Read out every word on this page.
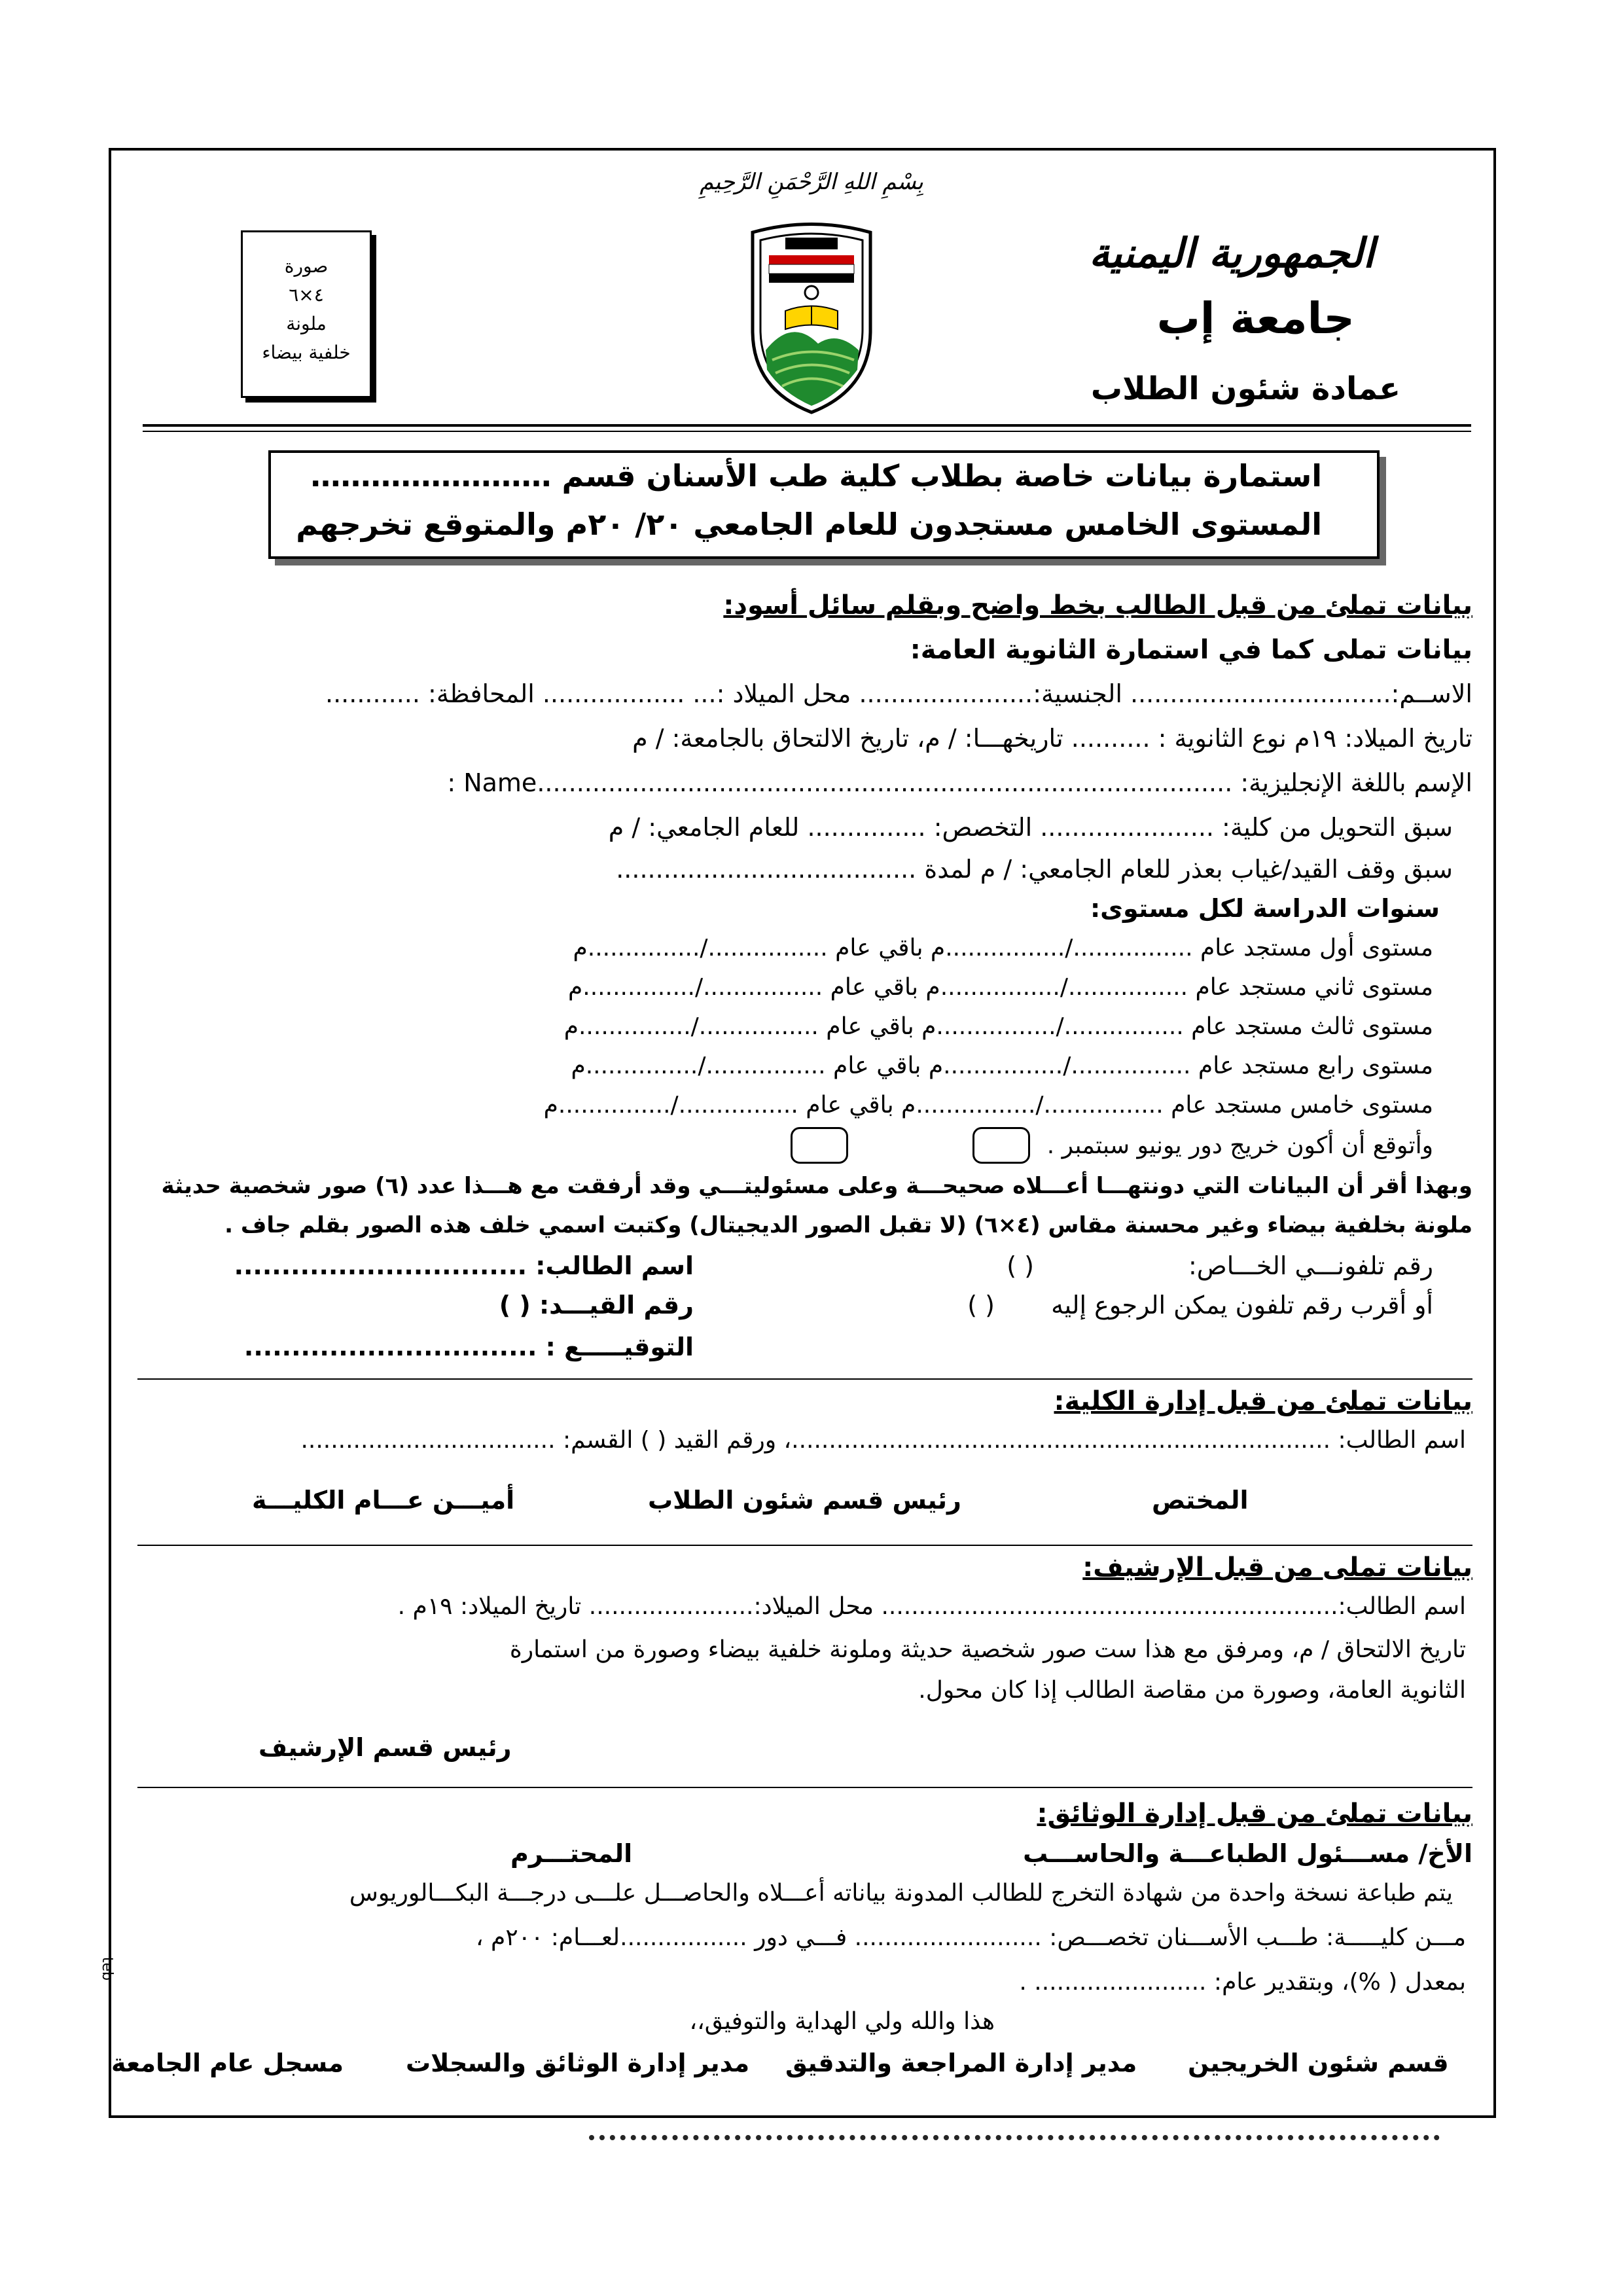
بِسْمِ اللهِ الرَّحْمَنِ الرَّحِيمِ
الجمهورية اليمنية
جامعة إب
عمادة شئون الطلاب
صورة
٤×٦
ملونة
خلفية بيضاء
استمارة بيانات خاصة بطلاب كلية طب الأسنان قسم ……………………
المستوى الخامس مستجدون للعام الجامعي ٢٠/ ٢٠م والمتوقع تخرجهم
بيانات تملئ من قبل الطالب بخط واضح وبقلم سائل أسود:
بيانات تملى كما في استمارة الثانوية العامة:
الاســم:................................. الجنسية:...................... محل الميلاد :... .................. المحافظة: ............
تاريخ الميلاد: ١٩م نوع الثانوية : .......... تاريخهـــا: / م، تاريخ الالتحاق بالجامعة: / م
الإسم باللغة الإنجليزية: ........................................................................................Name :
سبق التحويل من كلية: ...................... التخصص: ............... للعام الجامعي: / م
سبق وقف القيد/غياب بعذر للعام الجامعي: / م لمدة ......................................
سنوات الدراسة لكل مستوى:
مستوى أول مستجد عام ................/................م باقي عام ................/...............م
مستوى ثاني مستجد عام ................/................م باقي عام ................/...............م
مستوى ثالث مستجد عام ................/................م باقي عام ................/...............م
مستوى رابع مستجد عام ................/................م باقي عام ................/...............م
مستوى خامس مستجد عام ................/................م باقي عام ................/...............م
وأتوقع أن أكون خريج دور يونيو سبتمبر .
وبهذا أقر أن البيانات التي دونتهـــا أعـــلاه صحيحـــة وعلى مسئوليتـــي وقد أرفقت مع هـــذا عدد (٦) صور شخصية حديثة
ملونة بخلفية بيضاء وغير محسنة مقاس (٤×٦) (لا تقبل الصور الديجيتال) وكتبت اسمي خلف هذه الصور بقلم جاف .
رقم تلفونـــي الخـــاص:
( )
اسم الطالب: ...............................
أو أقرب رقم تلفون يمكن الرجوع إليه
( )
رقم القيـــد: ( )
التوقيـــــع : ...............................
بيانات تملئ من قبل إدارة الكلية:
اسم الطالب: ........................................................................، ورقم القيد ( ) القسم: ..................................
المختص
رئيس قسم شئون الطلاب
أميـــن عـــام الكليـــة
بيانات تملى من قبل الإرشيف:
اسم الطالب:............................................................. محل الميلاد:...................... تاريخ الميلاد: ١٩م .
تاريخ الالتحاق / م، ومرفق مع هذا ست صور شخصية حديثة وملونة خلفية بيضاء وصورة من استمارة
الثانوية العامة، وصورة من مقاصة الطالب إذا كان محول.
رئيس قسم الإرشيف
بيانات تملئ من قبل إدارة الوثائق:
الأخ/ مســـئول الطباعـــة والحاســـب
المحتـــرم
يتم طباعة نسخة واحدة من شهادة التخرج للطالب المدونة بياناته أعـــلاه والحاصـــل علـــى درجـــة البكـــالوريوس
مـــن كليـــــة: طـــب الأســـنان تخصـــص: ......................... فـــي دور .................لعـــام: ٢٠٠م ،
بمعدل ( %)، وبتقدير عام: ....................... .
هذا والله ولي الهداية والتوفيق،،
teb
قسم شئون الخريجين
مدير إدارة المراجعة والتدقيق
مدير إدارة الوثائق والسجلات
مسجل عام الجامعة
